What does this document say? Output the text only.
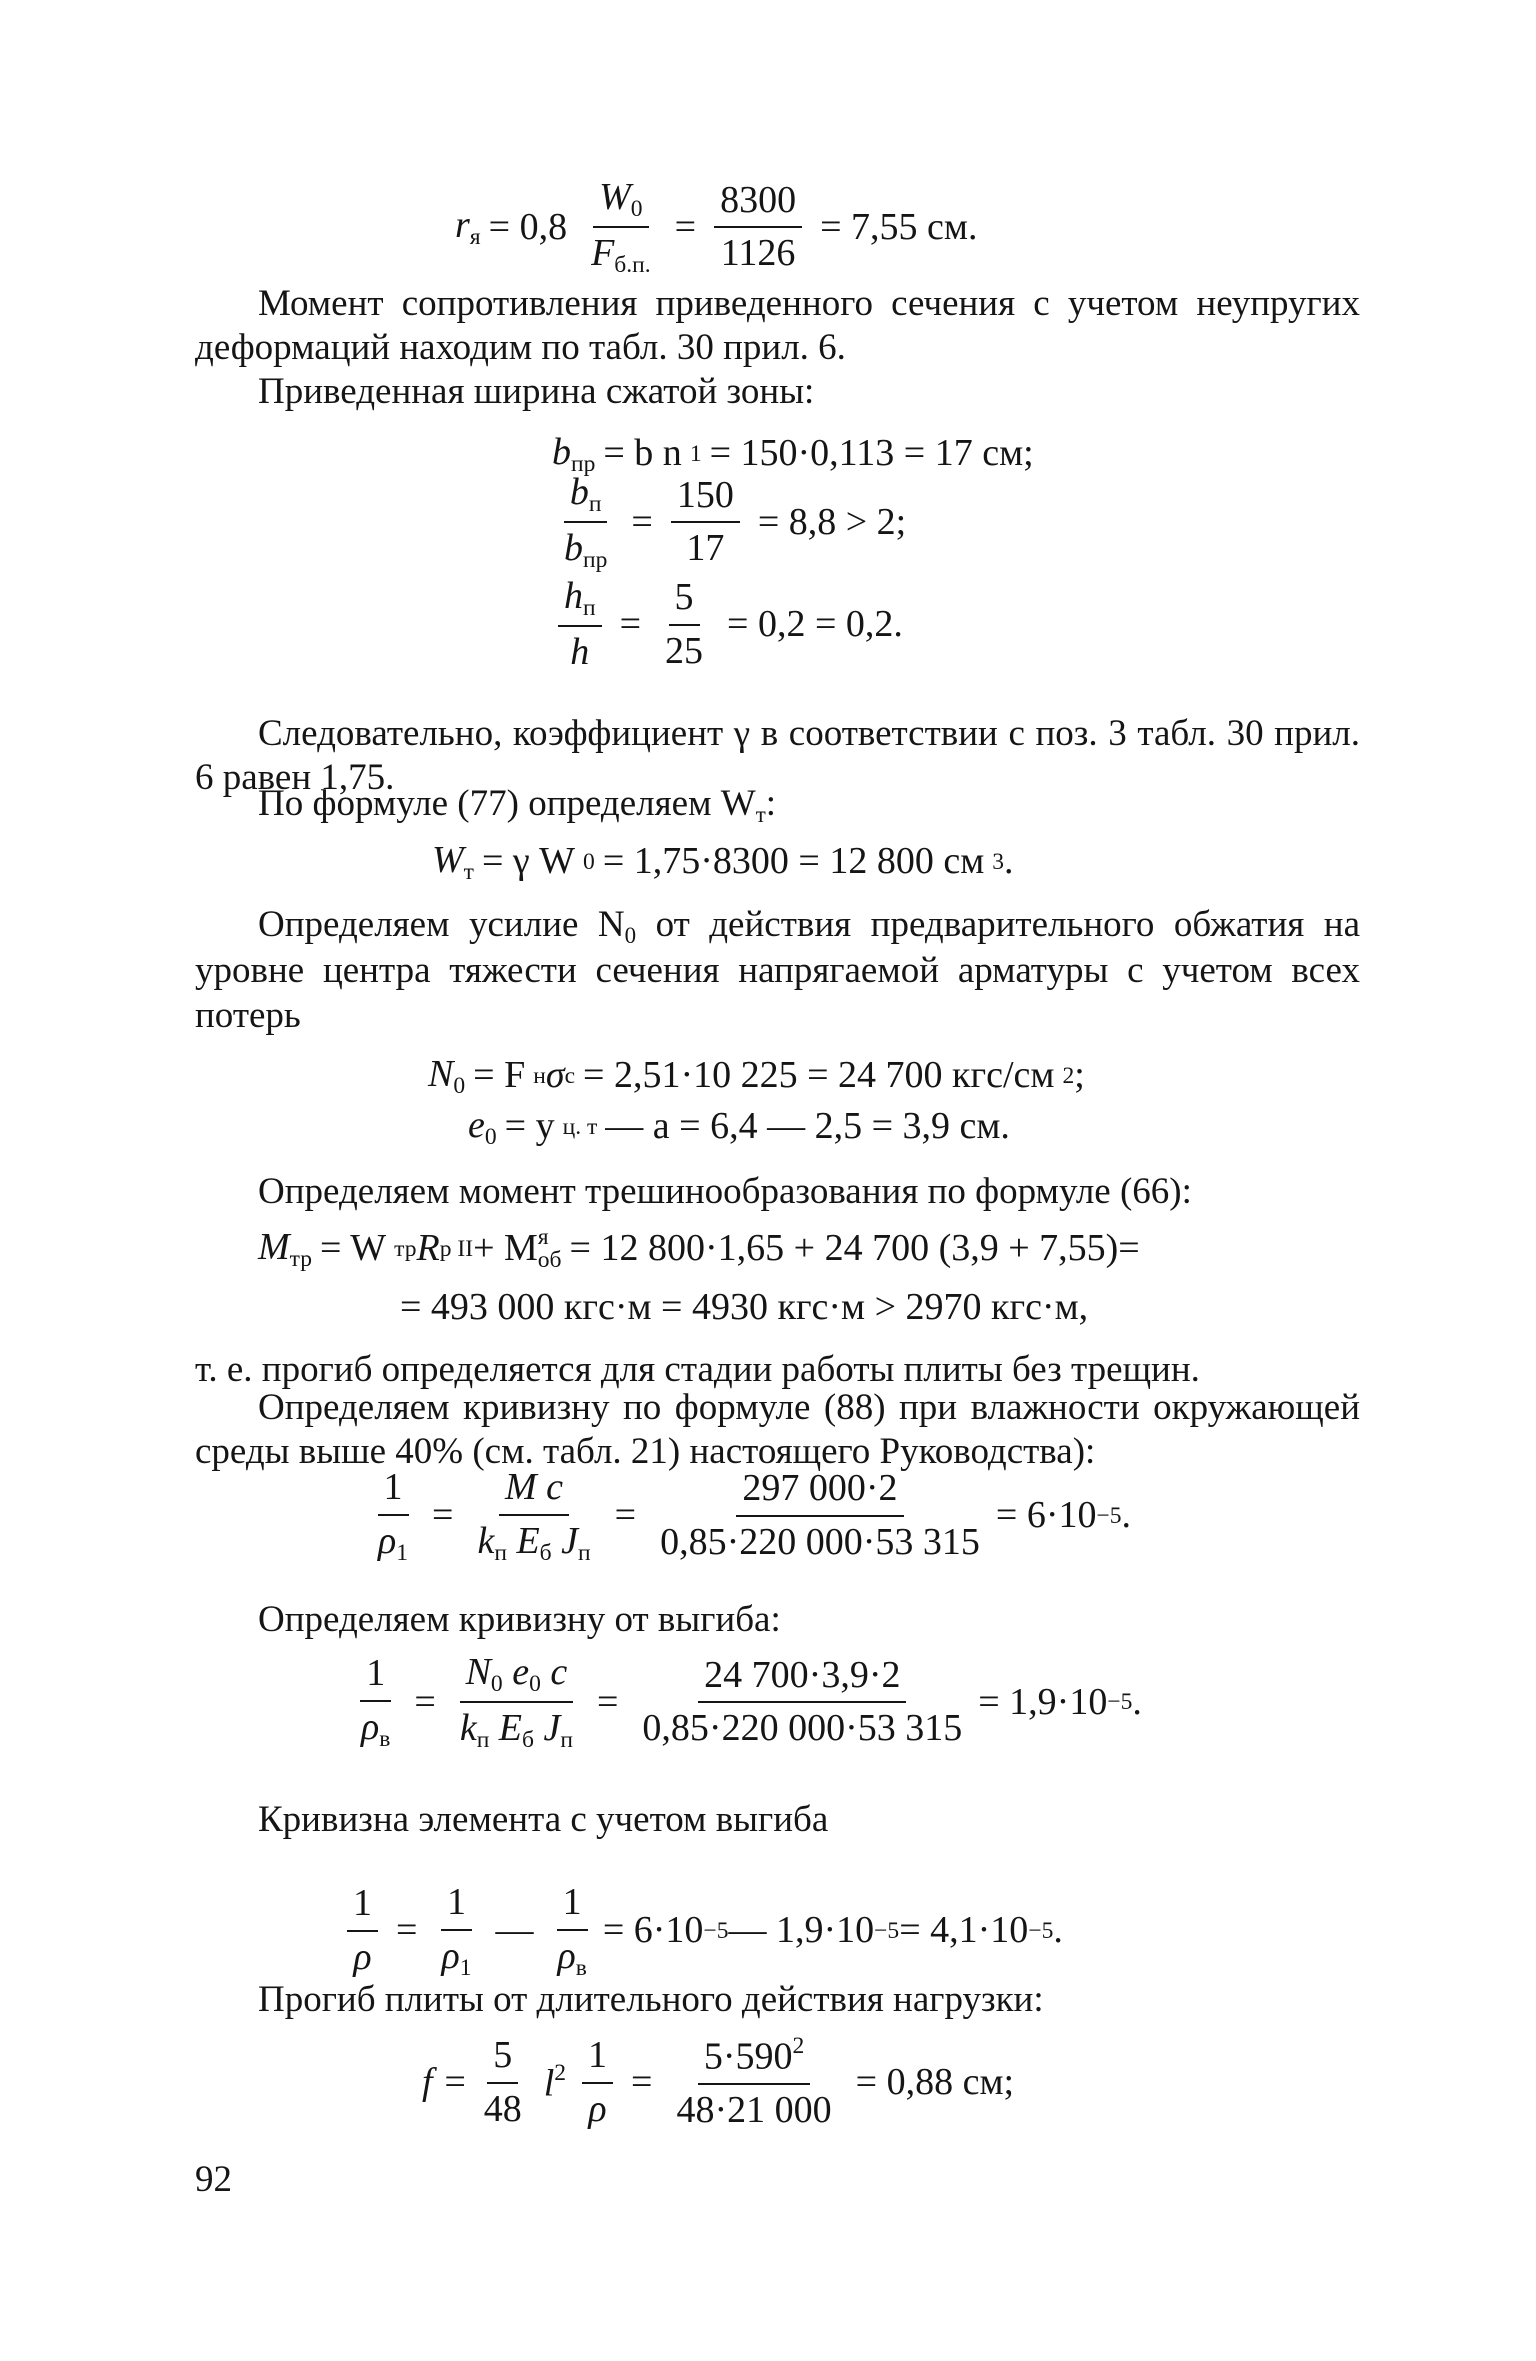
$r_я = 0,8 \frac{W_0}{F_{б.п.}} = \frac{8300}{1126} = 7,55$ см.
Момент сопротивления приведенного сечения с учетом неупругих деформаций находим по табл. 30 прил. 6.
Приведенная ширина сжатой зоны:
$b_{пр} = b$ n 1 = 150·0,113 = 17 см;
$\frac{b_п}{b_{пр}} = \frac{150}{17} = 8,8 > 2$;
$\frac{h_п}{h} = \frac{5}{25} = 0,2 = 0,2$.
Следовательно, коэффициент γ в соответствии с поз. 3 табл. 30 прил. 6 равен 1,75.
По формуле (77) определяем $W_т$:
$W_т = \gamma$ W 0 = 1,75·8300 = 12 800 см 3 .
Определяем усилие $N_0$ от действия предварительного обжатия на уровне центра тяжести сечения напрягаемой арматуры с учетом всех потерь
$N_0 = F$ н σ с = 2,51·10 225 = 24 700 кгс/см 2 ;
$e_0 = y$ ц. т — a = 6,4 — 2,5 = 3,9 см.
Определяем момент трешинообразования по формуле (66):
$M_{тр} = W$ тр R р II + M я
об = 12 800·1,65 + 24 700 (3,9 + 7,55)=
= 493 000 кгс·м = 4930 кгс·м > 2970 кгс·м,
т. е. прогиб определяется для стадии работы плиты без трещин.
Определяем кривизну по формуле (88) при влажности окружающей среды выше 40% (см. табл. 21) настоящего Руководства):
$\frac{1}{\rho_1} = \frac{\text{M c}}{k_п E_б J_п} = \frac{297 000\cdot 2}{0,85\cdot 220 000\cdot 53 315} = 6\cdot 10 -5$ .
Определяем кривизну от выгиба:
$\frac{1}{\rho_в} = \frac{N_0 e_0 c}{k_п E_б J_п} = \frac{24 700\cdot 3,9\cdot 2}{0,85\cdot 220 000\cdot 53 315} = 1,9\cdot 10 -5$ .
Кривизна элемента с учетом выгиба
$\frac{1}{\rho} = \frac{1}{\rho_1}$ — $\frac{1}{\rho_в} = 6\cdot 10 -5$ — 1,9·10 −5 = 4,1·10 −5 .
Прогиб плиты от длительного действия нагрузки:
$f = \frac{5}{48} l^2 \frac{1}{\rho} = \frac{5\cdot 590^2}{48\cdot 21 000} = 0,88$ см;
92
